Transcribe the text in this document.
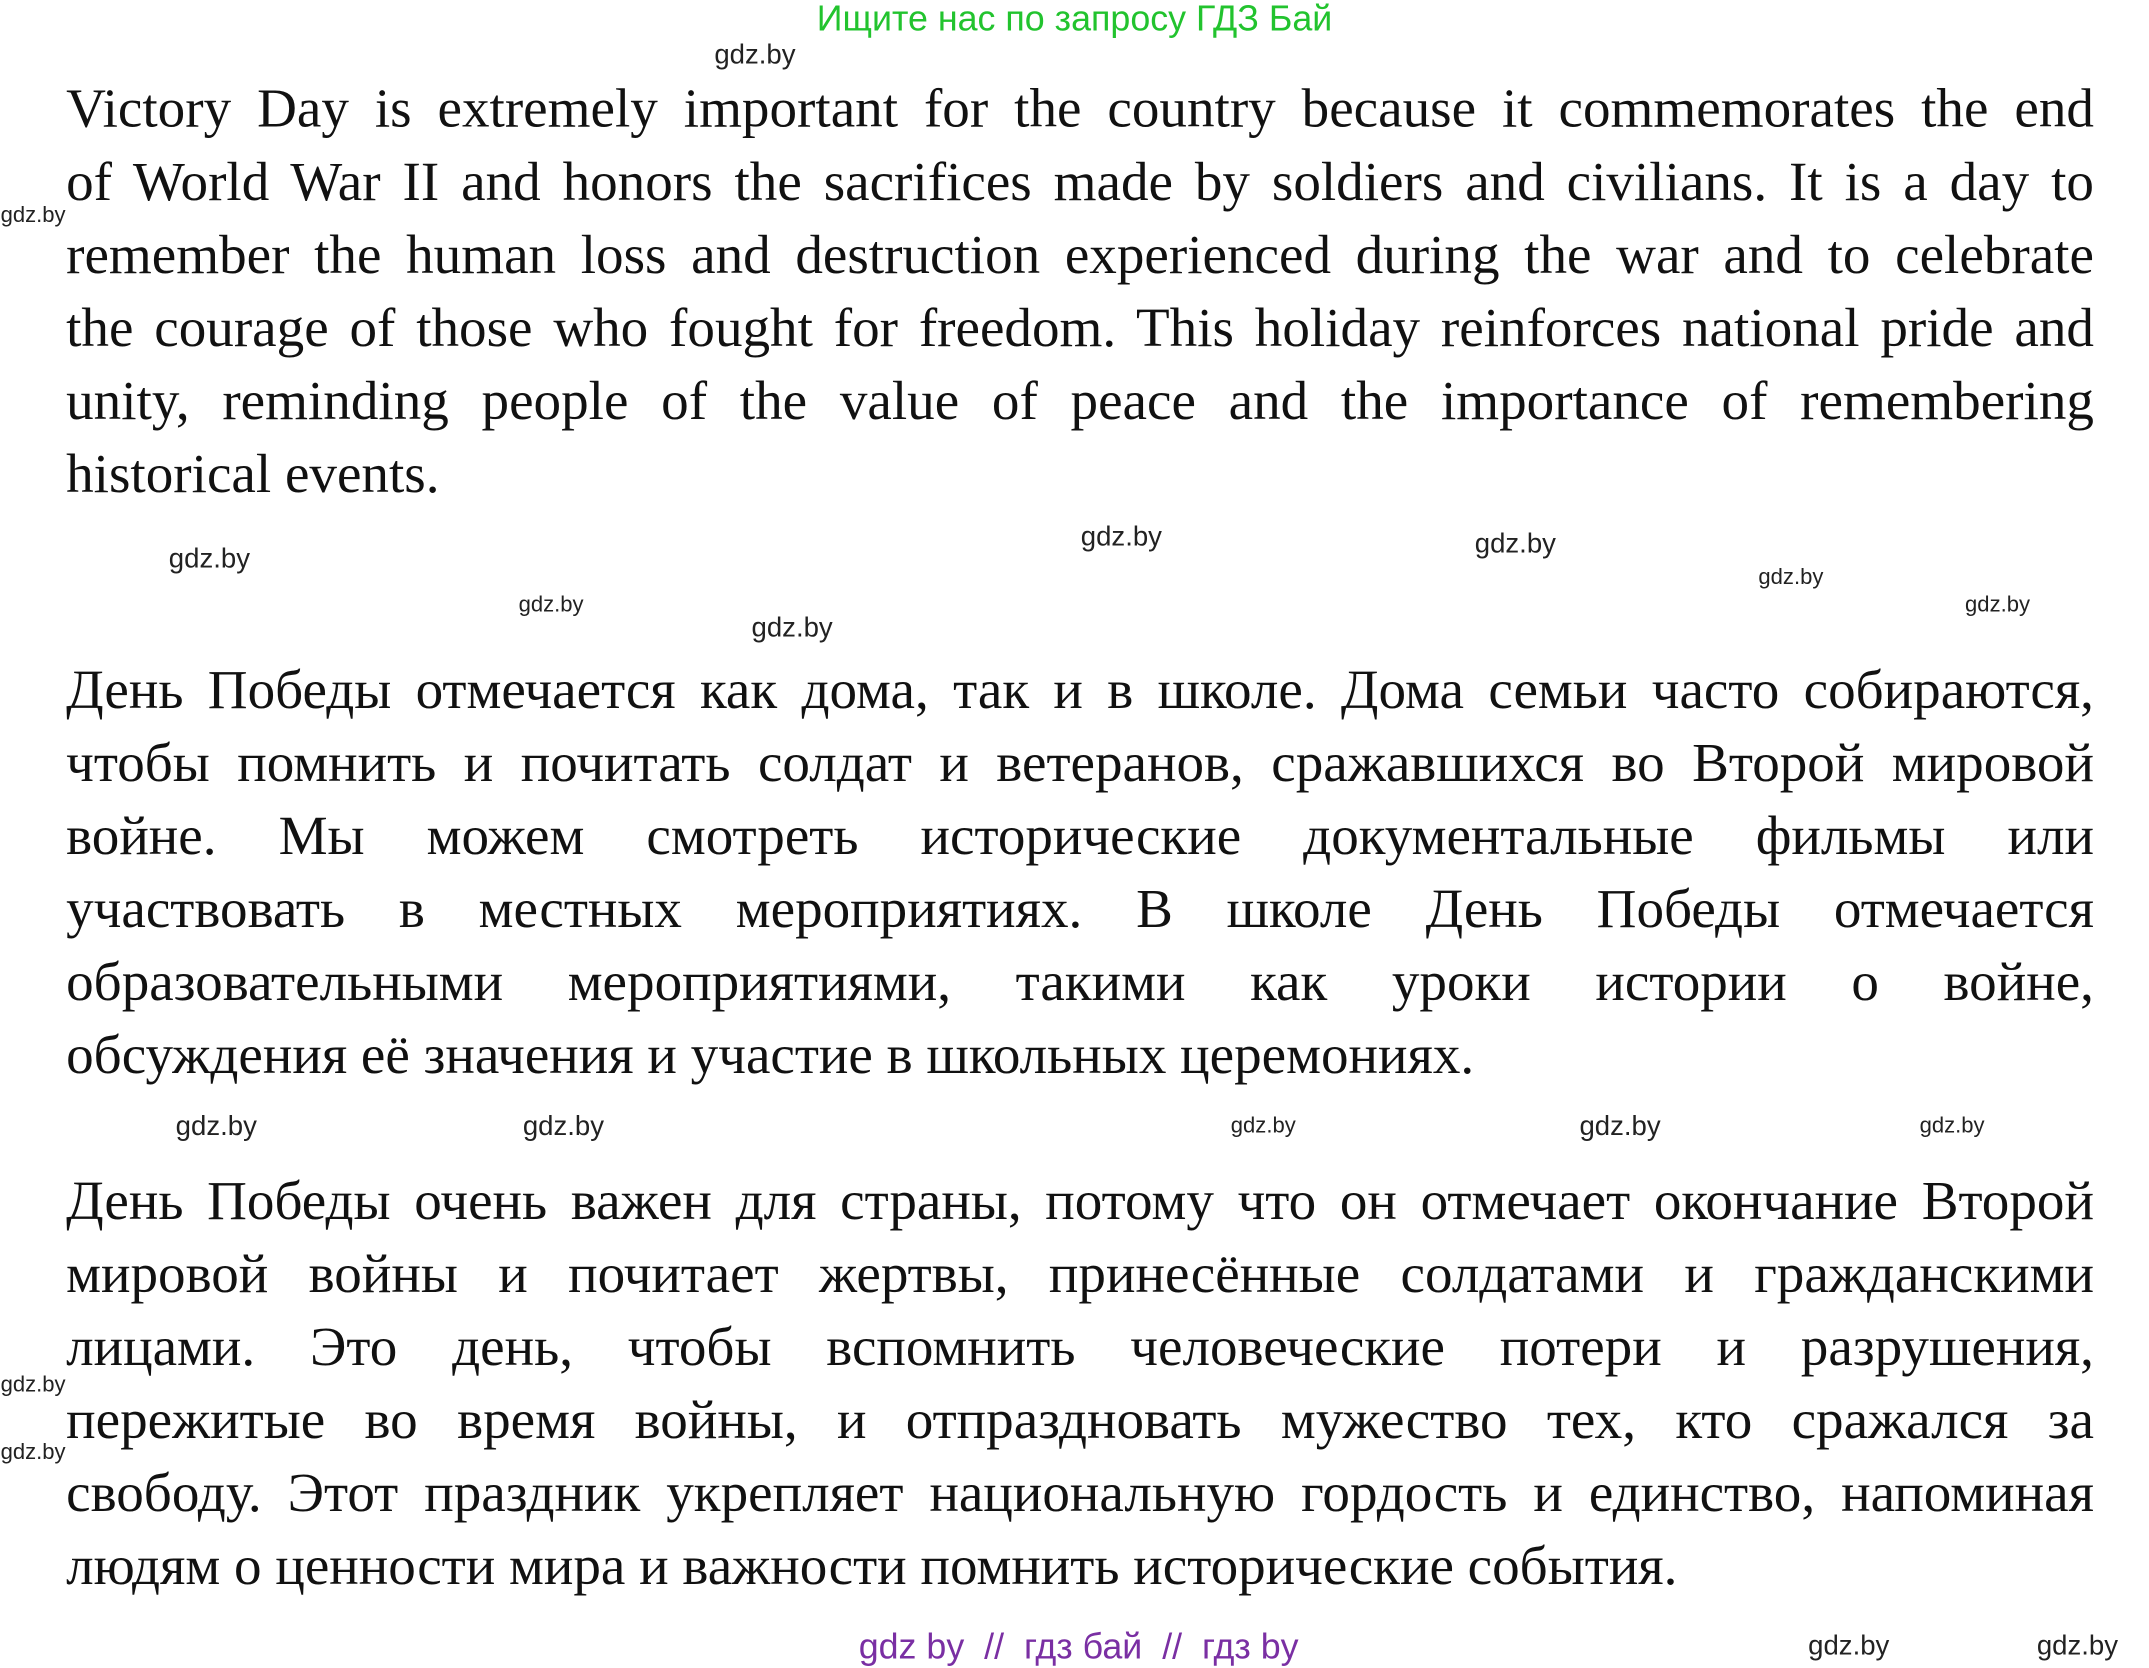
Ищите нас по запросу ГДЗ Бай
Victory Day is extremely important for the country because it commemorates the end
of World War II and honors the sacrifices made by soldiers and civilians. It is a day to
remember the human loss and destruction experienced during the war and to celebrate
the courage of those who fought for freedom. This holiday reinforces national pride and
unity, reminding people of the value of peace and the importance of remembering
historical events.
День Победы отмечается как дома, так и в школе. Дома семьи часто собираются,
чтобы помнить и почитать солдат и ветеранов, сражавшихся во Второй мировой
войне. Мы можем смотреть исторические документальные фильмы или
участвовать в местных мероприятиях. В школе День Победы отмечается
образовательными мероприятиями, такими как уроки истории о войне,
обсуждения её значения и участие в школьных церемониях.
День Победы очень важен для страны, потому что он отмечает окончание Второй
мировой войны и почитает жертвы, принесённые солдатами и гражданскими
лицами. Это день, чтобы вспомнить человеческие потери и разрушения,
пережитые во время войны, и отпраздновать мужество тех, кто сражался за
свободу. Этот праздник укрепляет национальную гордость и единство, напоминая
людям о ценности мира и важности помнить исторические события.
gdz.by
gdz.by
gdz.by
gdz.by	gdz.by
gdz.by
gdz.by
gdz.by
gdz.by
gdz.by	gdz.by
gdz.by	gdz.by	gdz.by
gdz.by
gdz.by
gdz.by
gdz.by
gdz by  //  гдз бай  //  гдз by
